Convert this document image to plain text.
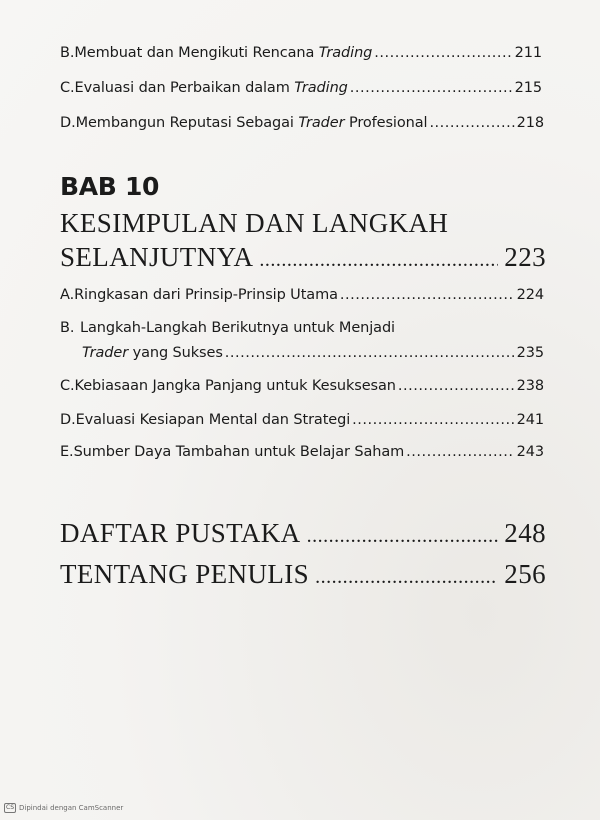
B. Membuat dan Mengikuti Rencana Trading .....	211
C. Evaluasi dan Perbaikan dalam Trading .....	215
D. Membangun Reputasi Sebagai Trader Profesional .....	218
BAB 10
KESIMPULAN DAN LANGKAH
SELANJUTNYA .....	223
A. Ringkasan dari Prinsip-Prinsip Utama .....	224
B. Langkah-Langkah Berikutnya untuk Menjadi
Trader yang Sukses .....	235
C. Kebiasaan Jangka Panjang untuk Kesuksesan .....	238
D. Evaluasi Kesiapan Mental dan Strategi .....	241
E. Sumber Daya Tambahan untuk Belajar Saham .....	243
DAFTAR PUSTAKA .....	248
TENTANG PENULIS .....	256
CS Dipindai dengan CamScanner
